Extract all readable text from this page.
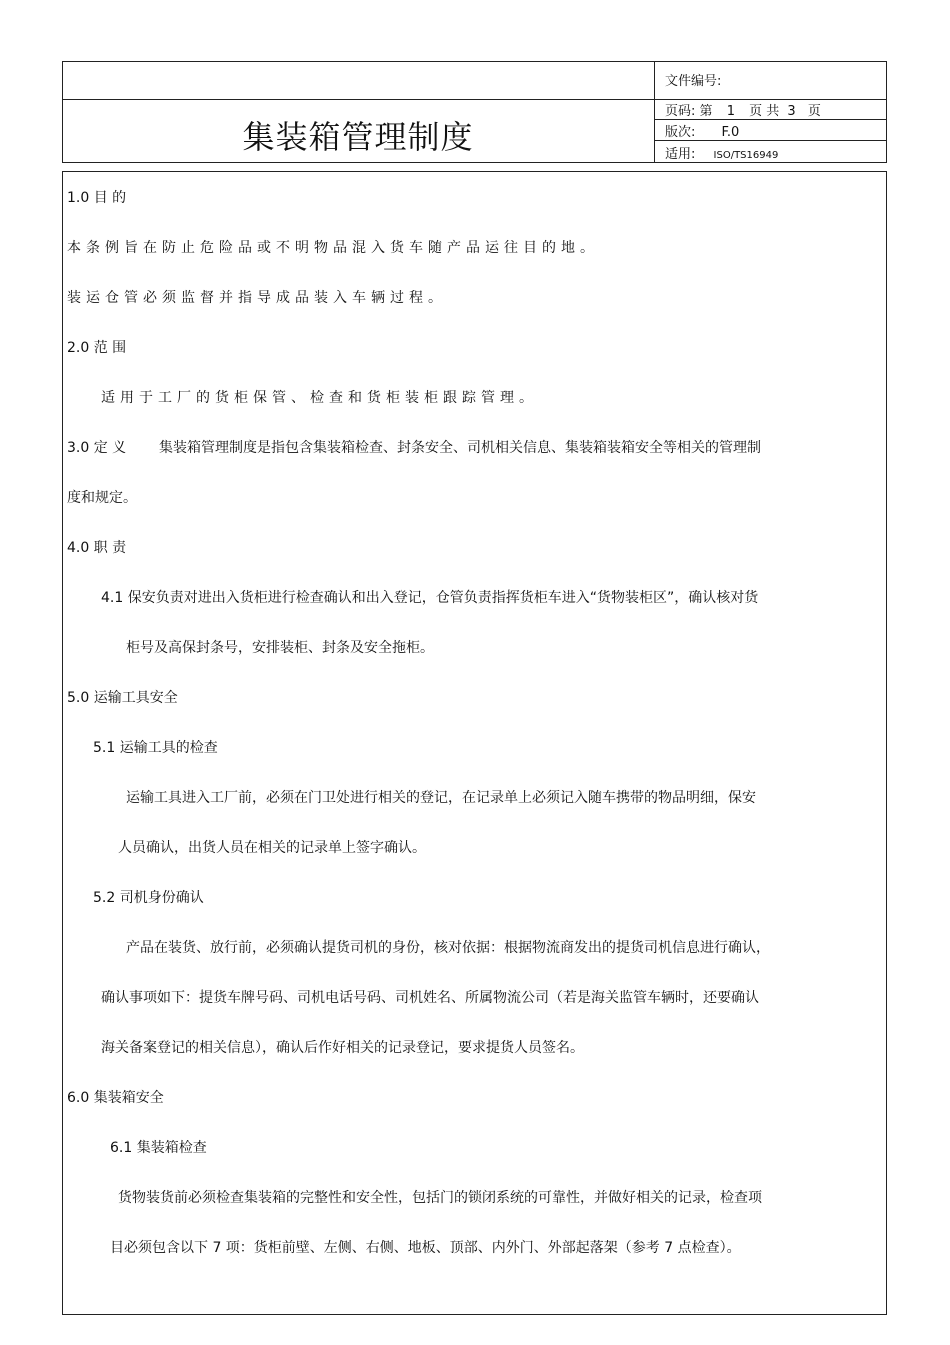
集装箱管理制度
文件编号:
页码: 第 1 页 共 3 页
版次: F.0
适用: ISO/TS16949
1.0 目 的
本条例旨在防止危险品或不明物品混入货车随产品运往目的地。
装运仓管必须监督并指导成品装入车辆过程。
2.0 范 围
适用于工厂的货柜保管、检查和货柜装柜跟踪管理。
3.0 定 义 集装箱管理制度是指包含集装箱检查、封条安全、司机相关信息、集装箱装箱安全等相关的管理制
度和规定。
4.0 职 责
4.1 保安负责对进出入货柜进行检查确认和出入登记，仓管负责指挥货柜车进入“货物装柜区”，确认核对货
柜号及高保封条号，安排装柜、封条及安全拖柜。
5.0 运输工具安全
5.1 运输工具的检查
运输工具进入工厂前，必须在门卫处进行相关的登记，在记录单上必须记入随车携带的物品明细，保安
人员确认，出货人员在相关的记录单上签字确认。
5.2 司机身份确认
产品在装货、放行前，必须确认提货司机的身份，核对依据：根据物流商发出的提货司机信息进行确认，
确认事项如下：提货车牌号码、司机电话号码、司机姓名、所属物流公司（若是海关监管车辆时，还要确认
海关备案登记的相关信息），确认后作好相关的记录登记，要求提货人员签名。
6.0 集装箱安全
6.1 集装箱检查
货物装货前必须检查集装箱的完整性和安全性，包括门的锁闭系统的可靠性，并做好相关的记录，检查项
目必须包含以下 7 项：货柜前壁、左侧、右侧、地板、顶部、内外门、外部起落架（参考 7 点检查）。
